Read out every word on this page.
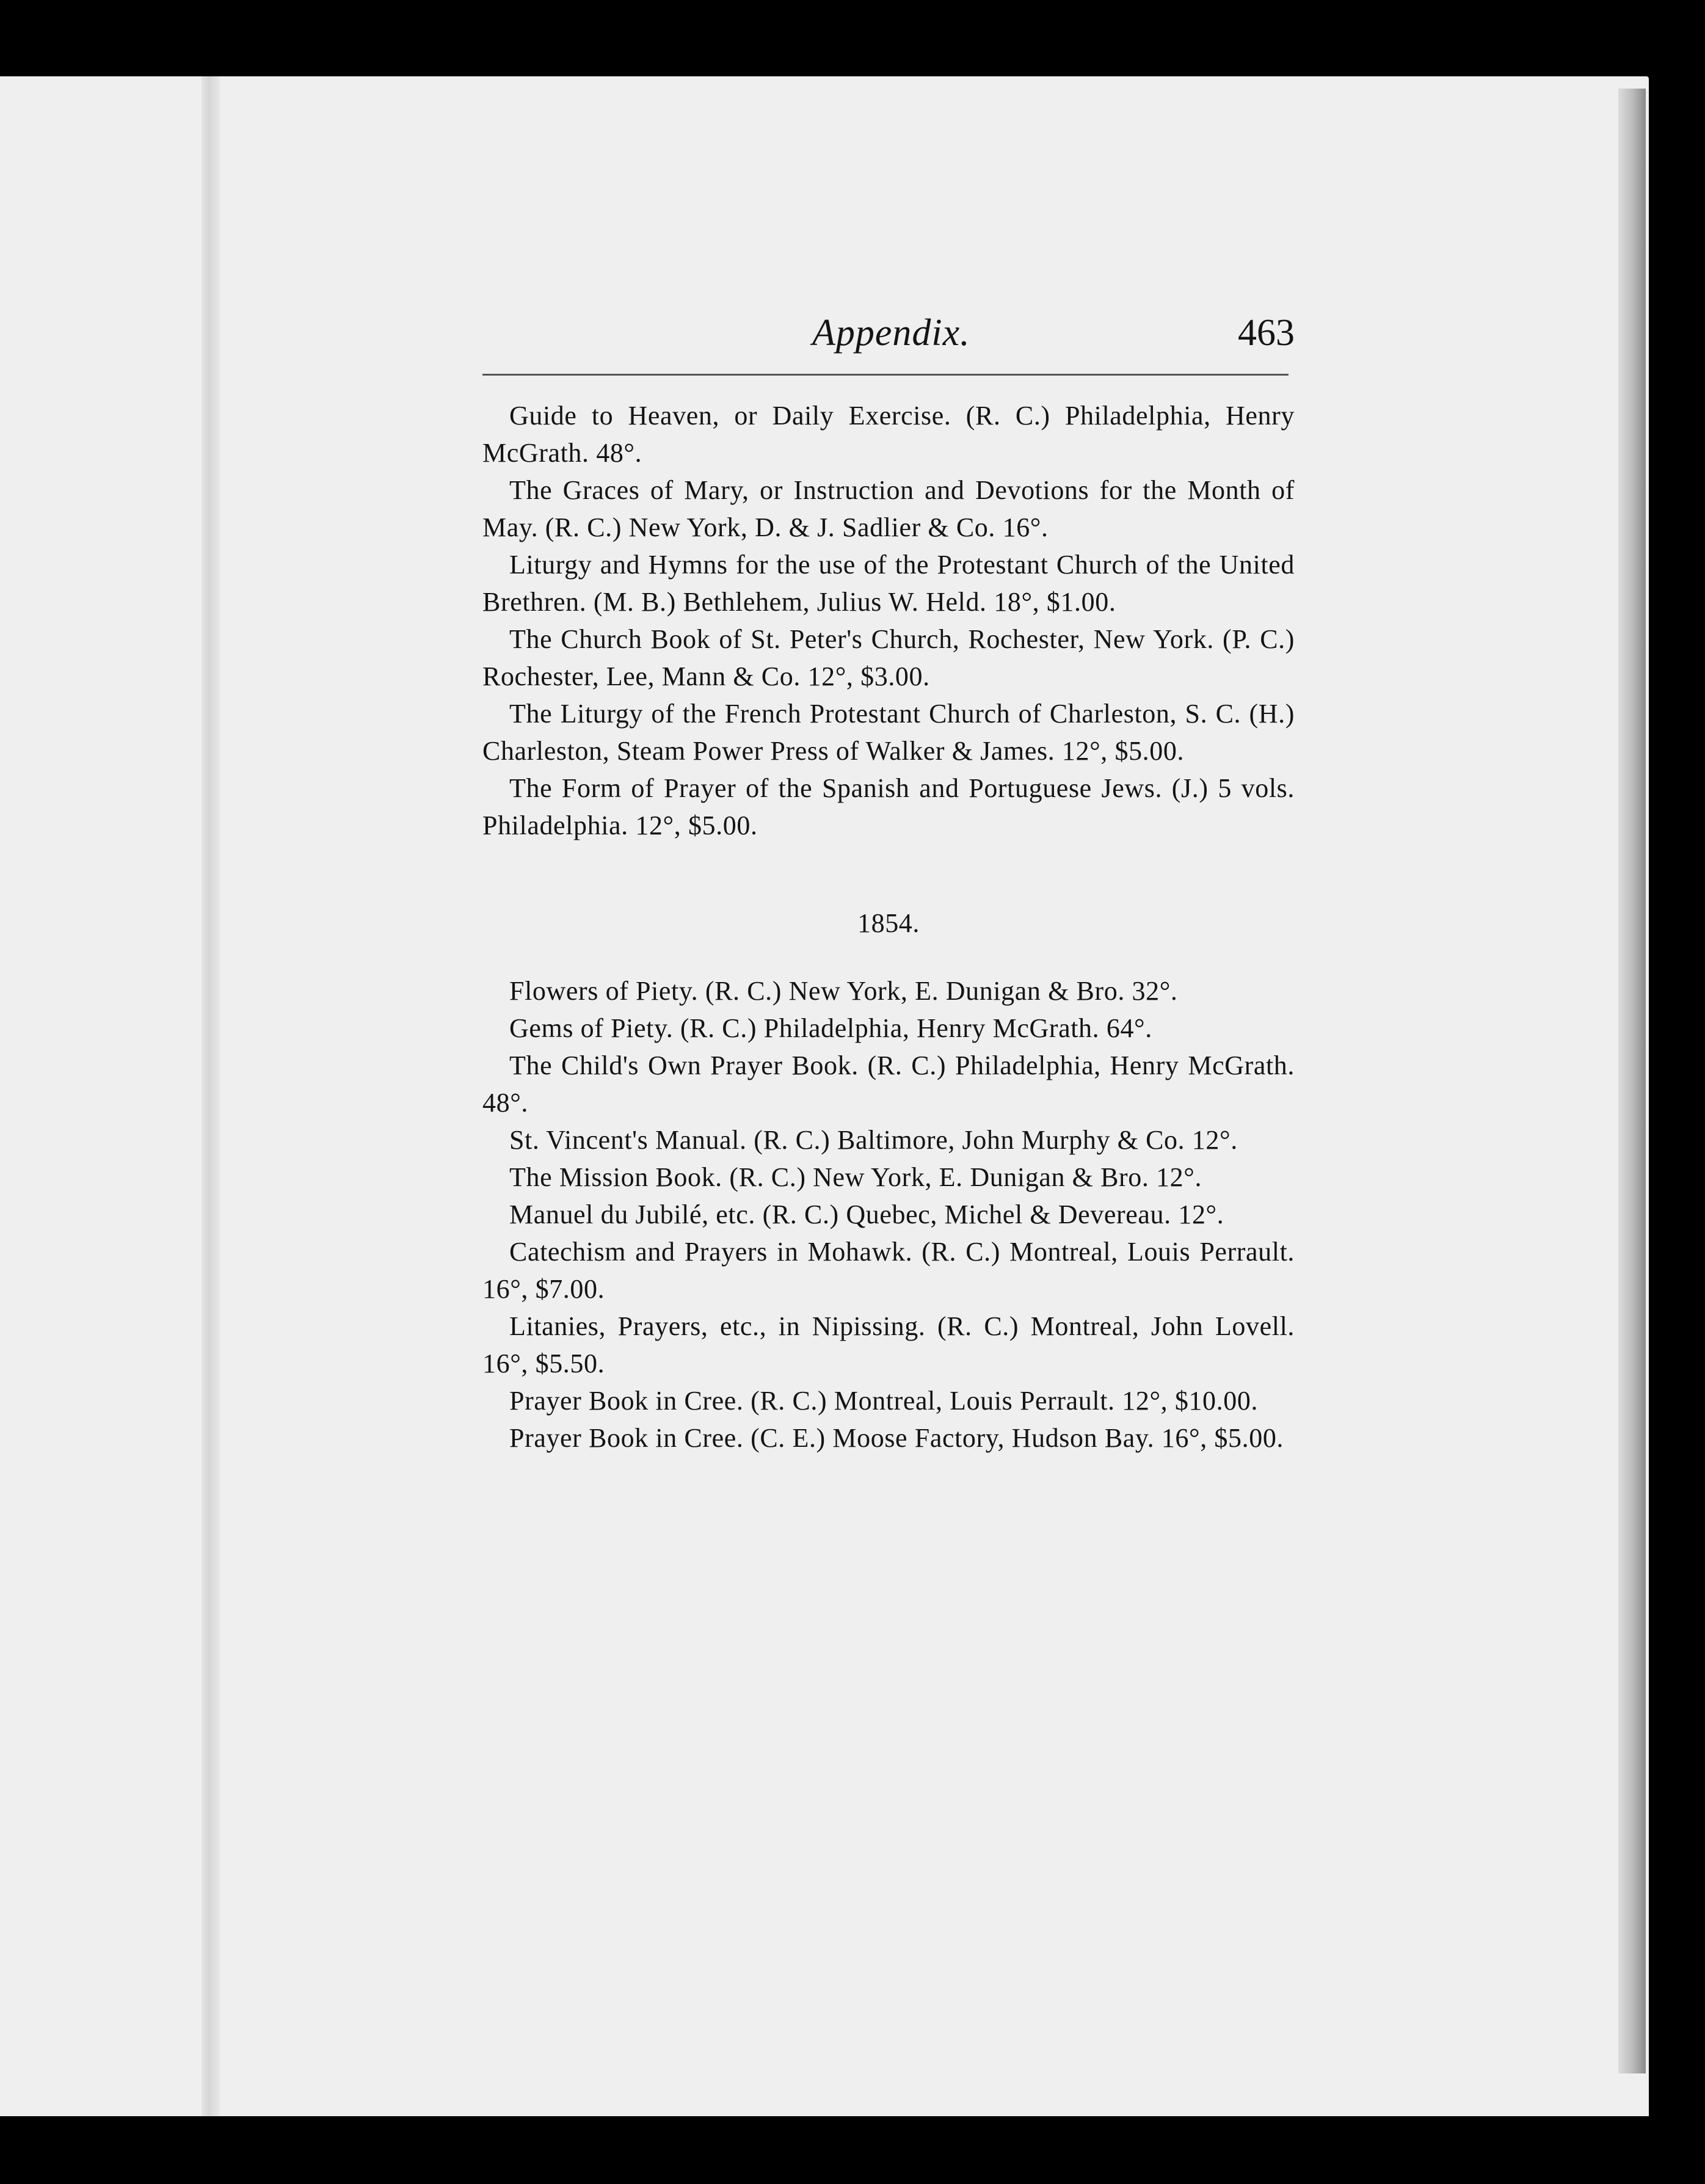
Appendix.	463

Guide to Heaven, or Daily Exercise. (R. C.) Philadelphia, Henry McGrath. 48°.

The Graces of Mary, or Instruction and Devotions for the Month of May. (R. C.) New York, D. & J. Sadlier & Co. 16°.

Liturgy and Hymns for the use of the Protestant Church of the United Brethren. (M. B.) Bethlehem, Julius W. Held. 18°, $1.00.

The Church Book of St. Peter's Church, Rochester, New York. (P. C.) Rochester, Lee, Mann & Co. 12°, $3.00.

The Liturgy of the French Protestant Church of Charleston, S. C. (H.) Charleston, Steam Power Press of Walker & James. 12°, $5.00.

The Form of Prayer of the Spanish and Portuguese Jews. (J.) 5 vols. Philadelphia. 12°, $5.00.

1854.

Flowers of Piety. (R. C.) New York, E. Dunigan & Bro. 32°.

Gems of Piety. (R. C.) Philadelphia, Henry McGrath. 64°.

The Child's Own Prayer Book. (R. C.) Philadelphia, Henry McGrath. 48°.

St. Vincent's Manual. (R. C.) Baltimore, John Murphy & Co. 12°.

The Mission Book. (R. C.) New York, E. Dunigan & Bro. 12°.

Manuel du Jubilé, etc. (R. C.) Quebec, Michel & Devereau. 12°.

Catechism and Prayers in Mohawk. (R. C.) Montreal, Louis Perrault. 16°, $7.00.

Litanies, Prayers, etc., in Nipissing. (R. C.) Montreal, John Lovell. 16°, $5.50.

Prayer Book in Cree. (R. C.) Montreal, Louis Perrault. 12°, $10.00.

Prayer Book in Cree. (C. E.) Moose Factory, Hudson Bay. 16°, $5.00.
